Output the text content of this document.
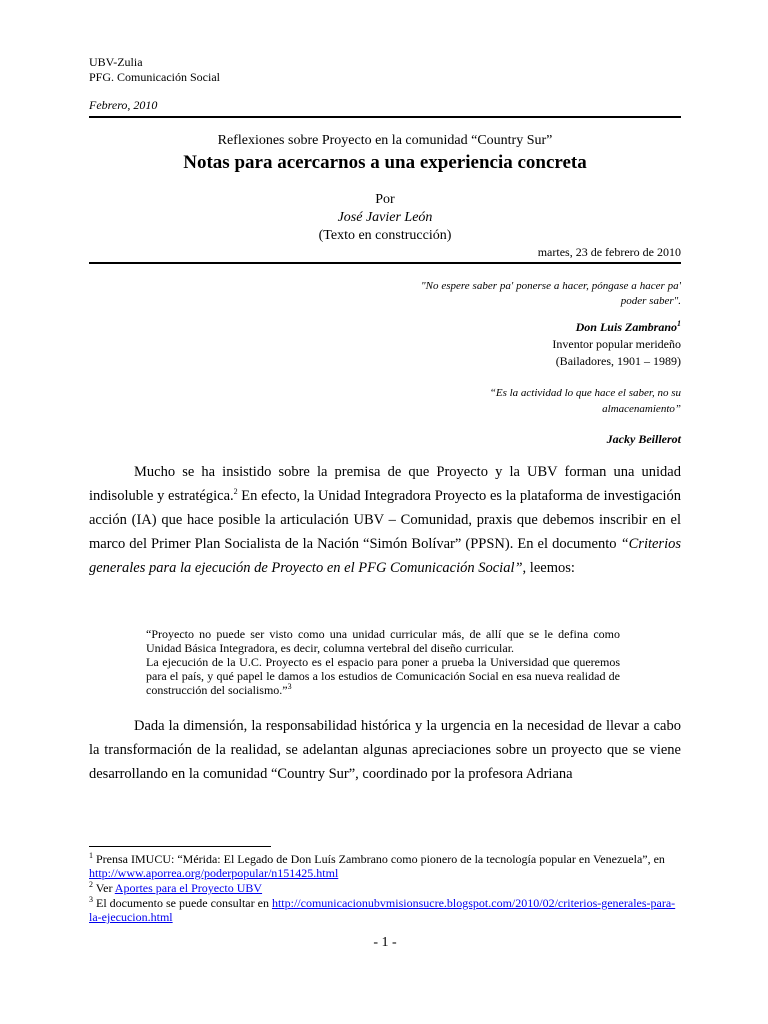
UBV-Zulia
PFG. Comunicación Social
Febrero, 2010
Reflexiones sobre Proyecto en la comunidad “Country Sur”
Notas para acercarnos a una experiencia concreta
Por
José Javier León
(Texto en construcción)
martes, 23 de febrero de 2010
"No espere saber pa' ponerse a hacer, póngase a hacer pa' poder saber".
Don Luis Zambrano$^1$
Inventor popular merideño
(Bailadores, 1901 – 1989)
“Es la actividad lo que hace el saber, no su almacenamiento”
Jacky Beillerot
Mucho se ha insistido sobre la premisa de que Proyecto y la UBV forman una unidad indisoluble y estratégica.$^2$ En efecto, la Unidad Integradora Proyecto es la plataforma de investigación acción (IA) que hace posible la articulación UBV – Comunidad, praxis que debemos inscribir en el marco del Primer Plan Socialista de la Nación “Simón Bolívar” (PPSN). En el documento “Criterios generales para la ejecución de Proyecto en el PFG Comunicación Social”, leemos:
“Proyecto no puede ser visto como una unidad curricular más, de allí que se le defina como Unidad Básica Integradora, es decir, columna vertebral del diseño curricular.
La ejecución de la U.C. Proyecto es el espacio para poner a prueba la Universidad que queremos para el país, y qué papel le damos a los estudios de Comunicación Social en esa nueva realidad de construcción del socialismo.”$^3$
Dada la dimensión, la responsabilidad histórica y la urgencia en la necesidad de llevar a cabo la transformación de la realidad, se adelantan algunas apreciaciones sobre un proyecto que se viene desarrollando en la comunidad “Country Sur”, coordinado por la profesora Adriana
$^1$ Prensa IMUCU: “Mérida: El Legado de Don Luís Zambrano como pionero de la tecnología popular en Venezuela”, en http://www.aporrea.org/poderpopular/n151425.html
$^2$ Ver Aportes para el Proyecto UBV
$^3$ El documento se puede consultar en http://comunicacionubvmisionsucre.blogspot.com/2010/02/criterios-generales-para-la-ejecucion.html
- 1 -
